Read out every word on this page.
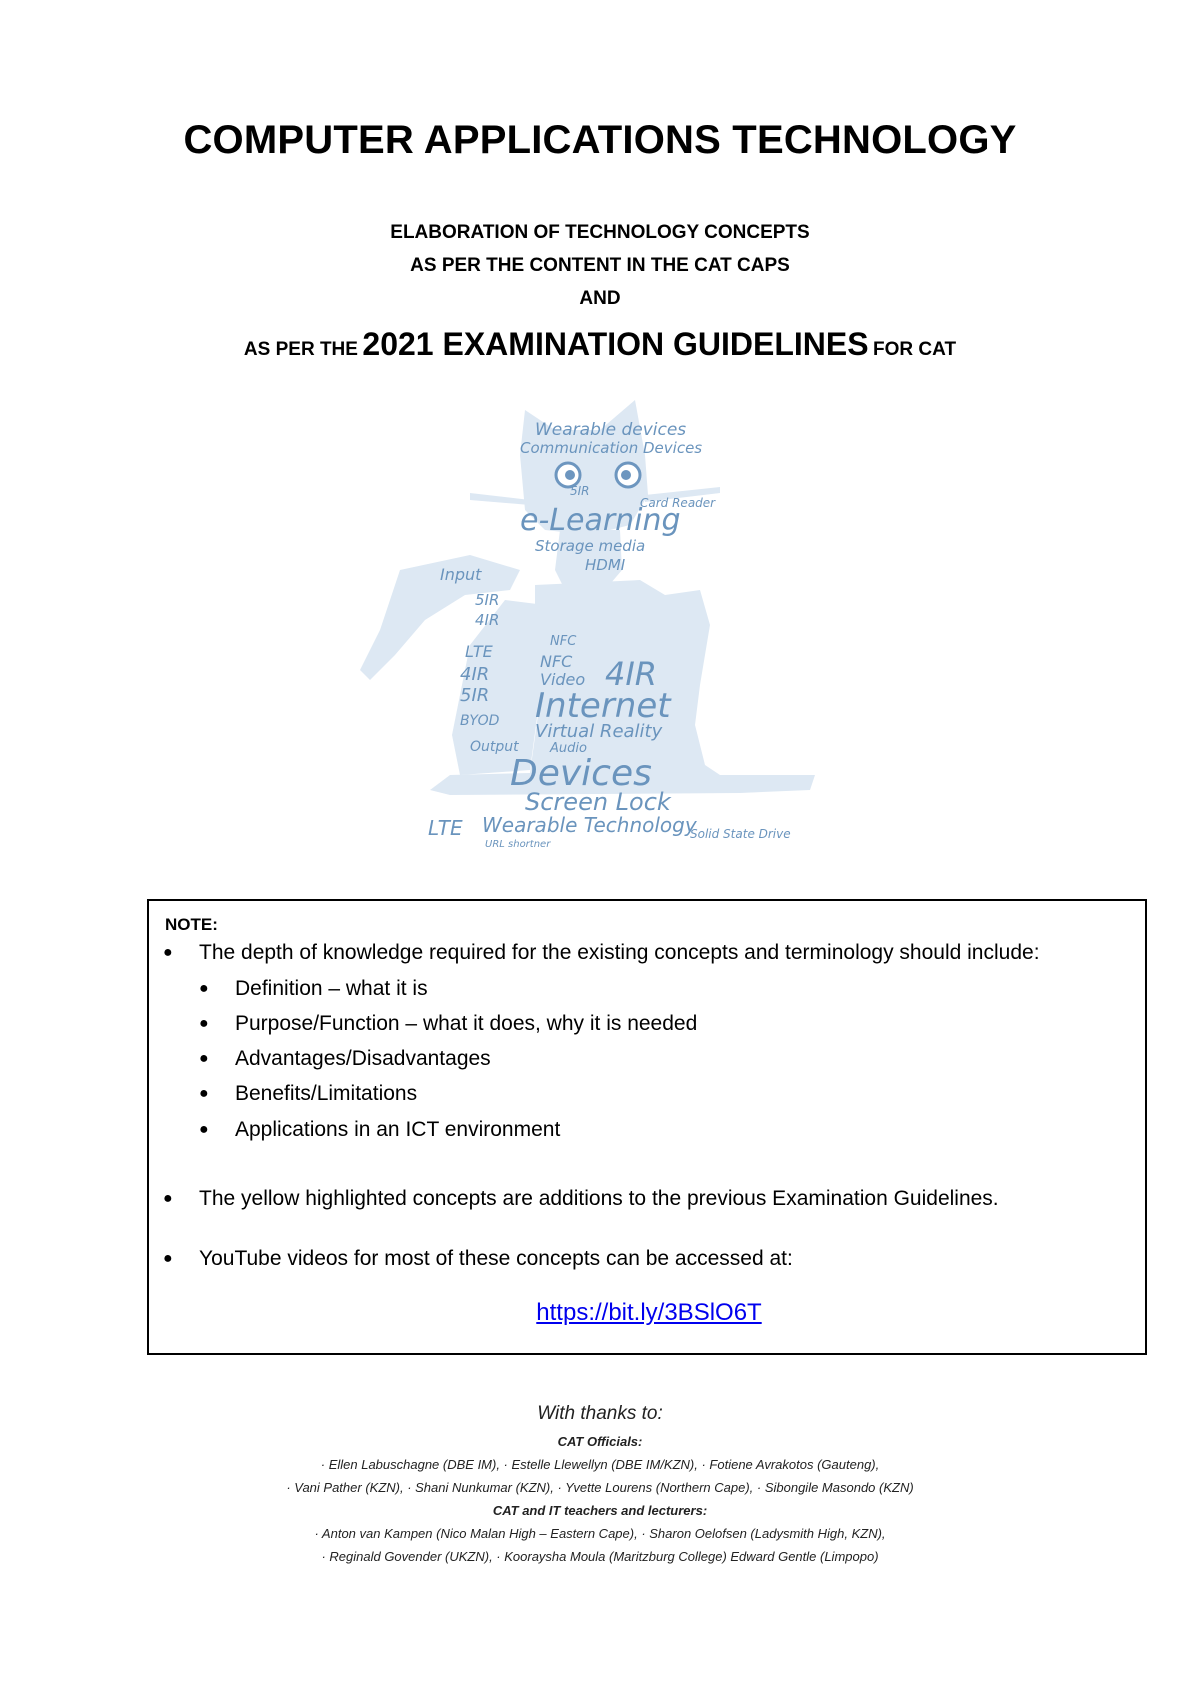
COMPUTER APPLICATIONS TECHNOLOGY
ELABORATION OF TECHNOLOGY CONCEPTS
AS PER THE CONTENT IN THE CAT CAPS
AND
AS PER THE 2021 EXAMINATION GUIDELINES FOR CAT
Wearable devices
Communication Devices
5IR
e-Learning
Storage media
HDMI
Card Reader
Input
5IR
4IR
LTE
4IR
5IR
BYOD
NFC
NFC
Video 4IR
Internet
Virtual Reality
Output Audio
Devices
Screen Lock
LTE Wearable Technology
Solid State Drive
URL shortner
NOTE:
● The depth of knowledge required for the existing concepts and terminology should include:
● Definition – what it is
● Purpose/Function – what it does, why it is needed
● Advantages/Disadvantages
● Benefits/Limitations
● Applications in an ICT environment
● The yellow highlighted concepts are additions to the previous Examination Guidelines.
● YouTube videos for most of these concepts can be accessed at:
https://bit.ly/3BSlO6T
With thanks to:
CAT Officials:
· Ellen Labuschagne (DBE IM), · Estelle Llewellyn (DBE IM/KZN), · Fotiene Avrakotos (Gauteng),
· Vani Pather (KZN), · Shani Nunkumar (KZN), · Yvette Lourens (Northern Cape), · Sibongile Masondo (KZN)
CAT and IT teachers and lecturers:
· Anton van Kampen (Nico Malan High – Eastern Cape), · Sharon Oelofsen (Ladysmith High, KZN),
· Reginald Govender (UKZN), · Kooraysha Moula (Maritzburg College) Edward Gentle (Limpopo)
